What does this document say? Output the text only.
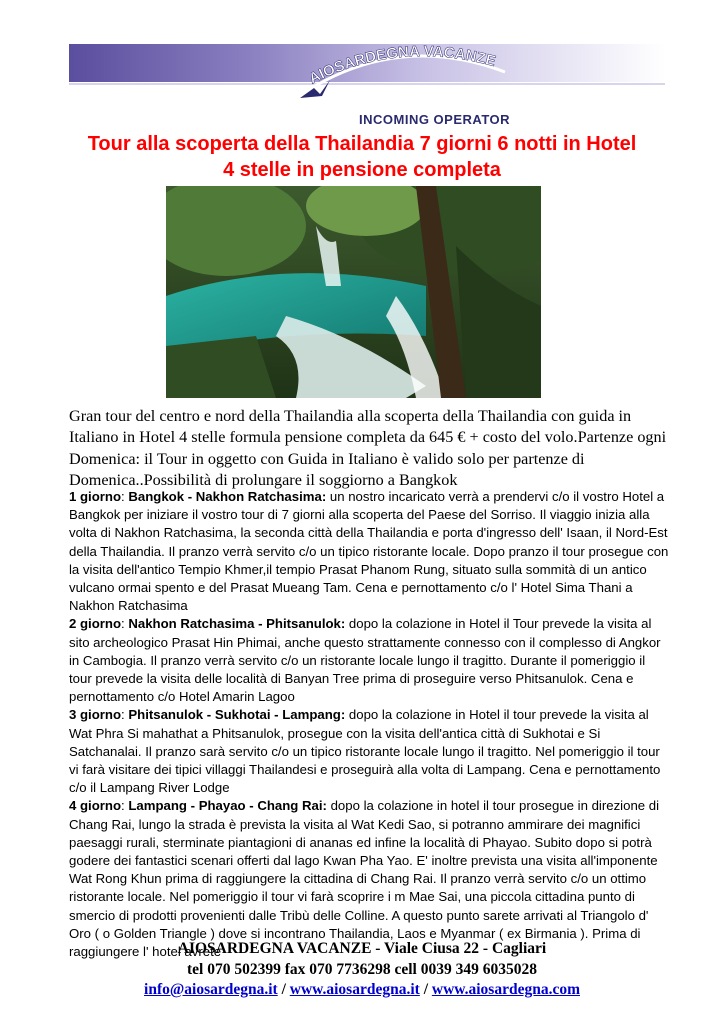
AIOSARDEGNA VACANZE
INCOMING OPERATOR
Tour alla scoperta della Thailandia 7 giorni 6 notti in Hotel
4 stelle in pensione completa
Gran tour del centro e nord della Thailandia alla scoperta della Thailandia con guida in Italiano in Hotel 4 stelle formula pensione completa da 645 € + costo del volo.Partenze ogni Domenica: il Tour in oggetto con Guida in Italiano è valido solo per partenze di Domenica..Possibilità di prolungare il soggiorno a Bangkok

1 giorno: Bangkok - Nakhon Ratchasima: un nostro incaricato verrà a prendervi c/o il vostro Hotel a Bangkok per iniziare il vostro tour di 7 giorni alla scoperta del Paese del Sorriso. Il viaggio inizia alla volta di Nakhon Ratchasima, la seconda città della Thailandia e porta d'ingresso dell' Isaan, il Nord-Est della Thailandia. Il pranzo verrà servito c/o un tipico ristorante locale. Dopo pranzo il tour prosegue con la visita dell'antico Tempio Khmer,il tempio Prasat Phanom Rung, situato sulla sommità di un antico vulcano ormai spento e del Prasat Mueang Tam. Cena e pernottamento c/o l' Hotel Sima Thani a Nakhon Ratchasima

2 giorno: Nakhon Ratchasima - Phitsanulok: dopo la colazione in Hotel il Tour prevede la visita al sito archeologico Prasat Hin Phimai, anche questo strattamente connesso con il complesso di Angkor in Cambogia. Il pranzo verrà servito c/o un ristorante locale lungo il tragitto. Durante il pomeriggio il tour prevede la visita delle località di Banyan Tree prima di proseguire verso Phitsanulok. Cena e pernottamento c/o Hotel Amarin Lagoo

3 giorno: Phitsanulok - Sukhotai - Lampang: dopo la colazione in Hotel il tour prevede la visita al Wat Phra Si mahathat a Phitsanulok, prosegue con la visita dell'antica città di Sukhotai e Si Satchanalai. Il pranzo sarà servito c/o un tipico ristorante locale lungo il tragitto. Nel pomeriggio il tour vi farà visitare dei tipici villaggi Thailandesi e proseguirà alla volta di Lampang. Cena e pernottamento c/o il Lampang River Lodge

4 giorno: Lampang - Phayao - Chang Rai: dopo la colazione in hotel il tour prosegue in direzione di Chang Rai, lungo la strada è prevista la visita al Wat Kedi Sao, si potranno ammirare dei magnifici paesaggi rurali, sterminate piantagioni di ananas ed infine la località di Phayao. Subito dopo si potrà godere dei fantastici scenari offerti dal lago Kwan Pha Yao. E' inoltre prevista una visita all'imponente Wat Rong Khun prima di raggiungere la cittadina di Chang Rai. Il pranzo verrà servito c/o un ottimo ristorante locale. Nel pomeriggio il tour vi farà scoprire i m Mae Sai, una piccola cittadina punto di smercio di prodotti provenienti dalle Tribù delle Colline. A questo punto sarete arrivati al Triangolo d' Oro ( o Golden Triangle ) dove si incontrano Thailandia, Laos e Myanmar ( ex Birmania ). Prima di raggiungere l' hotel avrete

AIOSARDEGNA VACANZE - Viale Ciusa 22 - Cagliari
tel 070 502399 fax 070 7736298 cell 0039 349 6035028
info@aiosardegna.it / www.aiosardegna.it / www.aiosardegna.com
